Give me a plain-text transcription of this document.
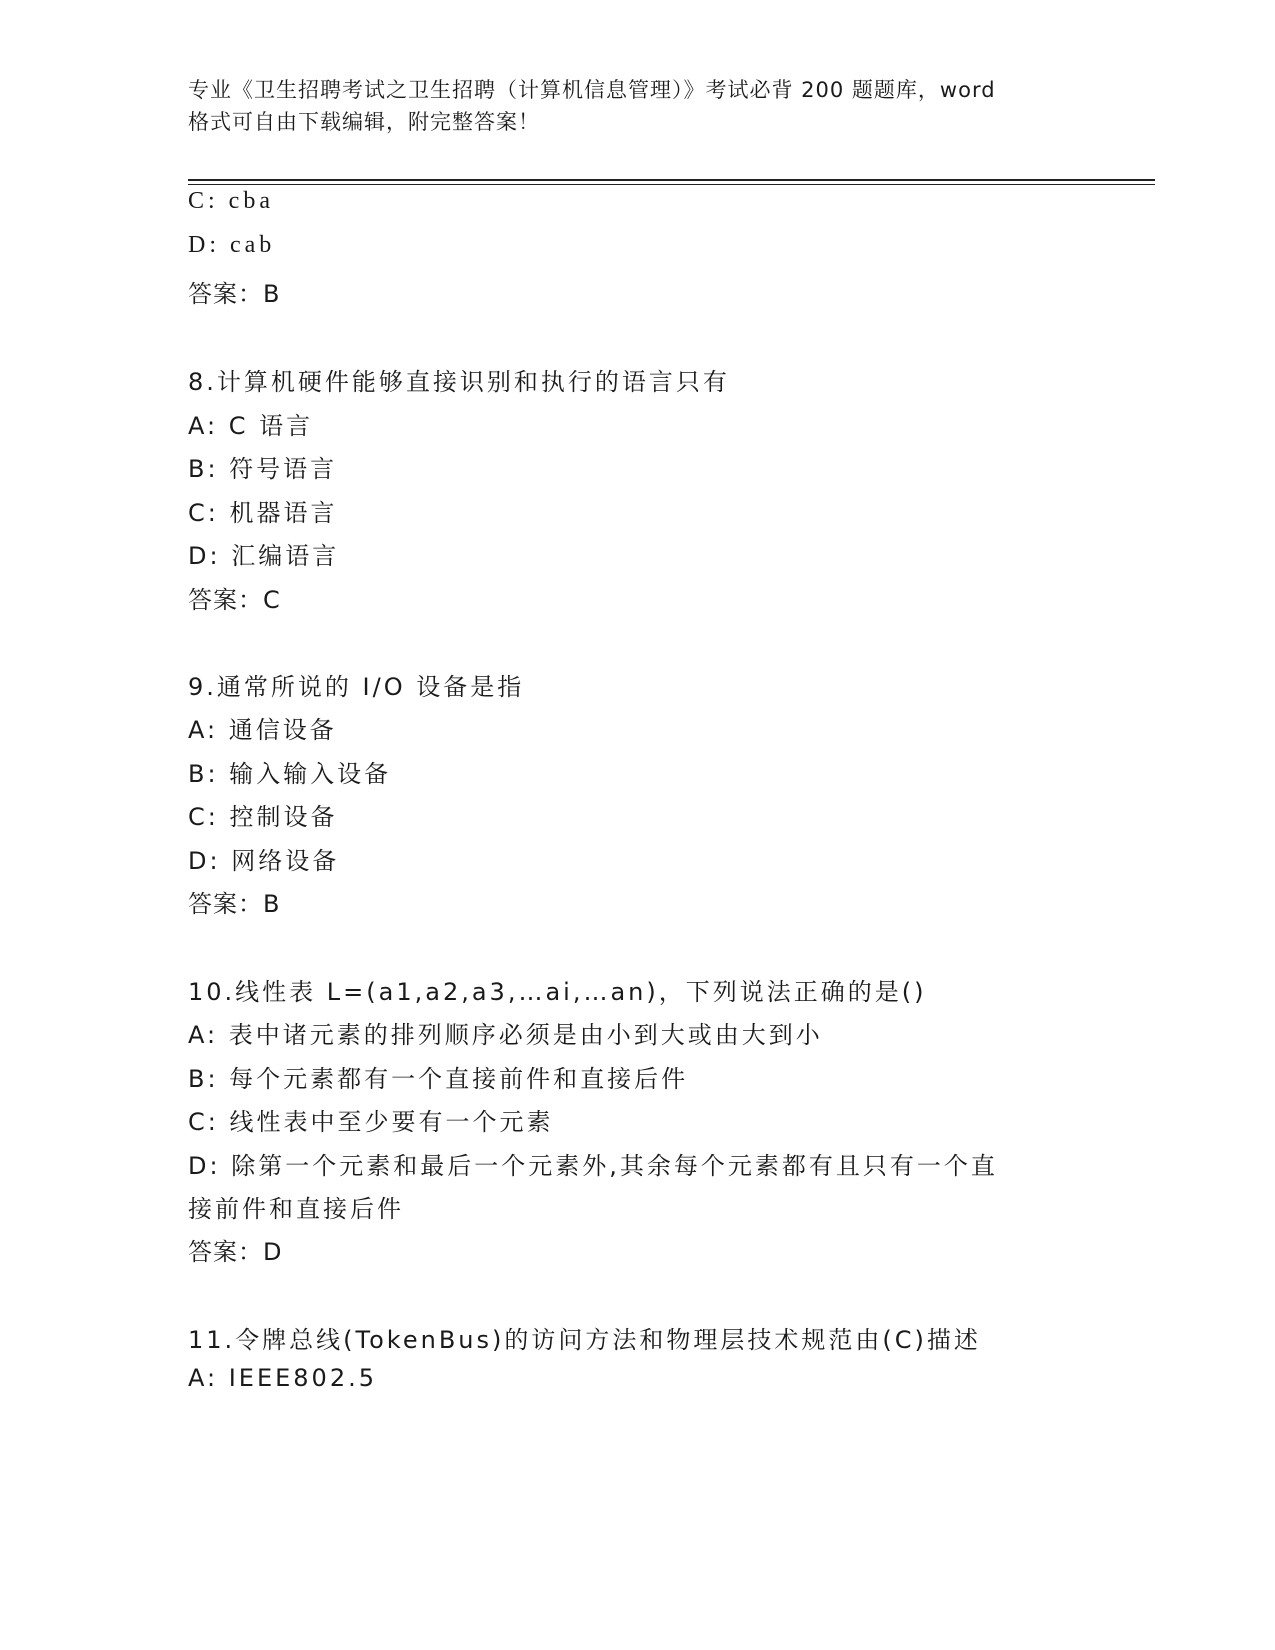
专业《卫生招聘考试之卫生招聘（计算机信息管理）》考试必背 200 题题库，word
格式可自由下载编辑，附完整答案！
C: cba
D: cab
答案：B
8.计算机硬件能够直接识别和执行的语言只有
A: C 语言
B: 符号语言
C: 机器语言
D: 汇编语言
答案：C
9.通常所说的 I/O 设备是指
A: 通信设备
B: 输入输入设备
C: 控制设备
D: 网络设备
答案：B
10.线性表 L=(a1,a2,a3,…ai,…an)，下列说法正确的是()
A: 表中诸元素的排列顺序必须是由小到大或由大到小
B: 每个元素都有一个直接前件和直接后件
C: 线性表中至少要有一个元素
D: 除第一个元素和最后一个元素外,其余每个元素都有且只有一个直
接前件和直接后件
答案：D
11.令牌总线(TokenBus)的访问方法和物理层技术规范由(C)描述
A: IEEE802.5
